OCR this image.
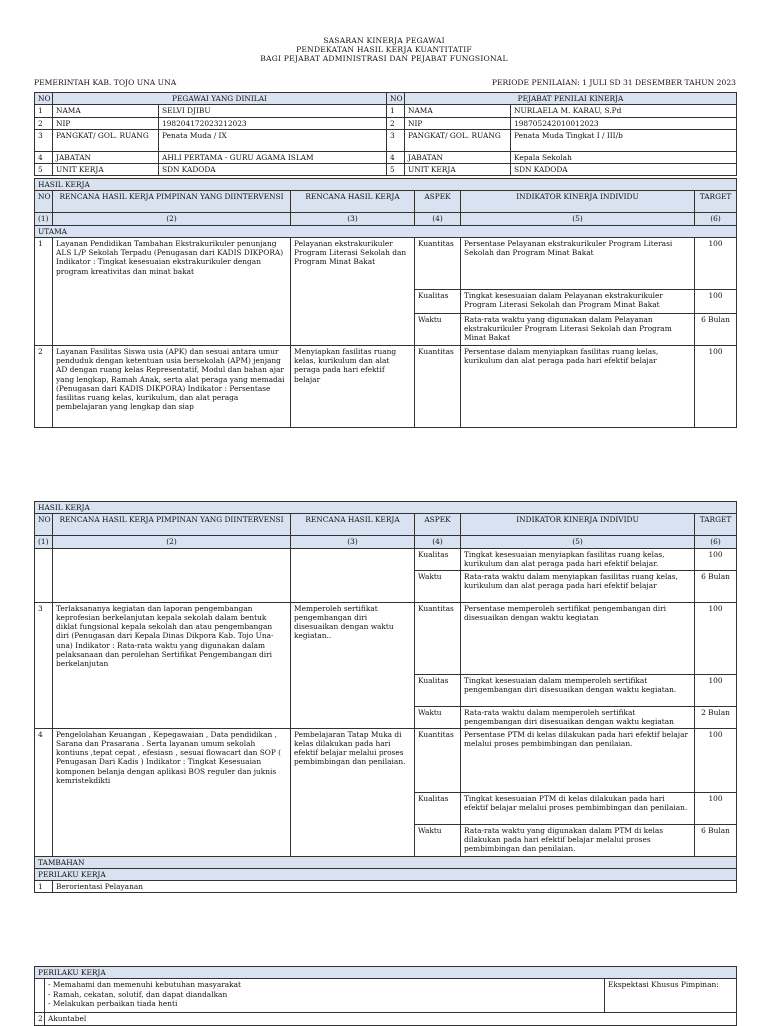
SASARAN KINERJA PEGAWAI
PENDEKATAN HASIL KERJA KUANTITATIF
BAGI PEJABAT ADMINISTRASI DAN PEJABAT FUNGSIONAL
PEMERINTAH KAB. TOJO UNA UNA	PERIODE PENILAIAN: 1 JULI SD 31 DESEMBER TAHUN 2023
NO	PEGAWAI YANG DINILAI		NO	PEJABAT PENILAI KINERJA	
1	NAMA	SELVI DJIBU	1	NAMA	NURLAELA M. KARAU, S.Pd
2	NIP	198204172023212023	2	NIP	198705242010012023
3	PANGKAT/ GOL. RUANG	Penata Muda / IX	3	PANGKAT/ GOL. RUANG	Penata Muda Tingkat I / III/b
4	JABATAN	AHLI PERTAMA - GURU AGAMA ISLAM	4	JABATAN	Kepala Sekolah
5	UNIT KERJA	SDN KADODA	5	UNIT KERJA	SDN KADODA
HASIL KERJA					
NO	RENCANA HASIL KERJA PIMPINAN YANG DIINTERVENSI	RENCANA HASIL KERJA	ASPEK	INDIKATOR KINERJA INDIVIDU	TARGET
(1)	(2)	(3)	(4)	(5)	(6)
UTAMA					
1	Layanan Pendidikan Tambahan Ekstrakurikuler penunjang ALS L/P Sekolah Terpadu (Penugasan dari KADIS DIKPORA) Indikator : Tingkat kesesuaian ekstrakurikuler dengan program kreativitas dan minat bakat	Pelayanan ekstrakurikuler Program Literasi Sekolah dan Program Minat Bakat	Kuantitas	Persentase Pelayanan ekstrakurikuler Program Literasi Sekolah dan Program Minat Bakat	100
			Kualitas	Tingkat kesesuaian dalam Pelayanan ekstrakurikuler Program Literasi Sekolah dan Program Minat Bakat	100
			Waktu	Rata-rata waktu yang digunakan dalam Pelayanan ekstrakurikuler Program Literasi Sekolah dan Program Minat Bakat	6 Bulan
2	Layanan Fasilitas Siswa usia (APK) dan sesuai antara umur penduduk dengan ketentuan usia bersekolah (APM) jenjang AD dengan ruang kelas Representatif, Modul dan bahan ajar yang lengkap, Ramah Anak, serta alat peraga yang memadai (Penugasan dari KADIS DIKPORA) Indikator : Persentase fasilitas ruang kelas, kurikulum, dan alat peraga pembelajaran yang lengkap dan siap	Menyiapkan fasilitas ruang kelas, kurikulum dan alat peraga pada hari efektif belajar	Kuantitas	Persentase dalam menyiapkan fasilitas ruang kelas, kurikulum dan alat peraga pada hari efektif belajar	100
HASIL KERJA					
NO	RENCANA HASIL KERJA PIMPINAN YANG DIINTERVENSI	RENCANA HASIL KERJA	ASPEK	INDIKATOR KINERJA INDIVIDU	TARGET
(1)	(2)	(3)	(4)	(5)	(6)
			Kualitas	Tingkat kesesuaian menyiapkan fasilitas ruang kelas, kurikulum dan alat peraga pada hari efektif belajar.	100
			Waktu	Rata-rata waktu dalam menyiapkan fasilitas ruang kelas, kurikulum dan alat peraga pada hari efektif belajar	6 Bulan
3	Terlaksananya kegiatan dan laporan pengembangan keprofesian berkelanjutan kepala sekolah dalam bentuk diklat fungsional kepala sekolah dan atau pengembangan diri (Penugasan dari Kepala Dinas Dikpora Kab. Tojo Una-una) Indikator : Rata-rata waktu yang digunakan dalam pelaksanaan dan perolehan Sertifikat Pengembangan diri berkelanjutan	Memperoleh sertifikat pengembangan diri disesuaikan dengan waktu kegiatan..	Kuantitas	Persentase memperoleh sertifikat pengembangan diri disesuaikan dengan waktu kegiatan	100
			Kualitas	Tingkat kesesuaian dalam memperoleh sertifikat pengembangan diri disesuaikan dengan waktu kegiatan.	100
			Waktu	Rata-rata waktu dalam memperoleh sertifikat pengembangan diri disesuaikan dengan waktu kegiatan	2 Bulan
4	Pengelolahan Keuangan , Kepegawaian , Data pendidikan , Sarana dan Prasarana . Serta layanan umum sekolah kontiuns ,tepat cepat , efesiasn , sesuai flowacart dan SOP ( Penugasan Dari Kadis ) Indikator : Tingkat Kesesuaian komponen belanja dengan aplikasi BOS reguler dan juknis kemristekdikti	Pembelajaran Tatap Muka di kelas dilakukan pada hari efektif belajar melalui proses pembimbingan dan penilaian.	Kuantitas	Persentase PTM di kelas dilakukan pada hari efektif belajar melalui proses pembimbingan dan penilaian.	100
			Kualitas	Tingkat kesesuaian PTM di kelas dilakukan pada hari efektif belajar melalui proses pembimbingan dan penilaian.	100
			Waktu	Rata-rata waktu yang digunakan dalam PTM di kelas dilakukan pada hari efektif belajar melalui proses pembimbingan dan penilaian.	6 Bulan
TAMBAHAN					
PERILAKU KERJA					
1	Berorientasi Pelayanan				
PERILAKU KERJA		

	- Memahami dan memenuhi kebutuhan masyarakat
- Ramah, cekatan, solutif, dan dapat diandalkan
- Melakukan perbaikan tiada henti	Ekspektasi Khusus Pimpinan:
2	Akuntabel	
